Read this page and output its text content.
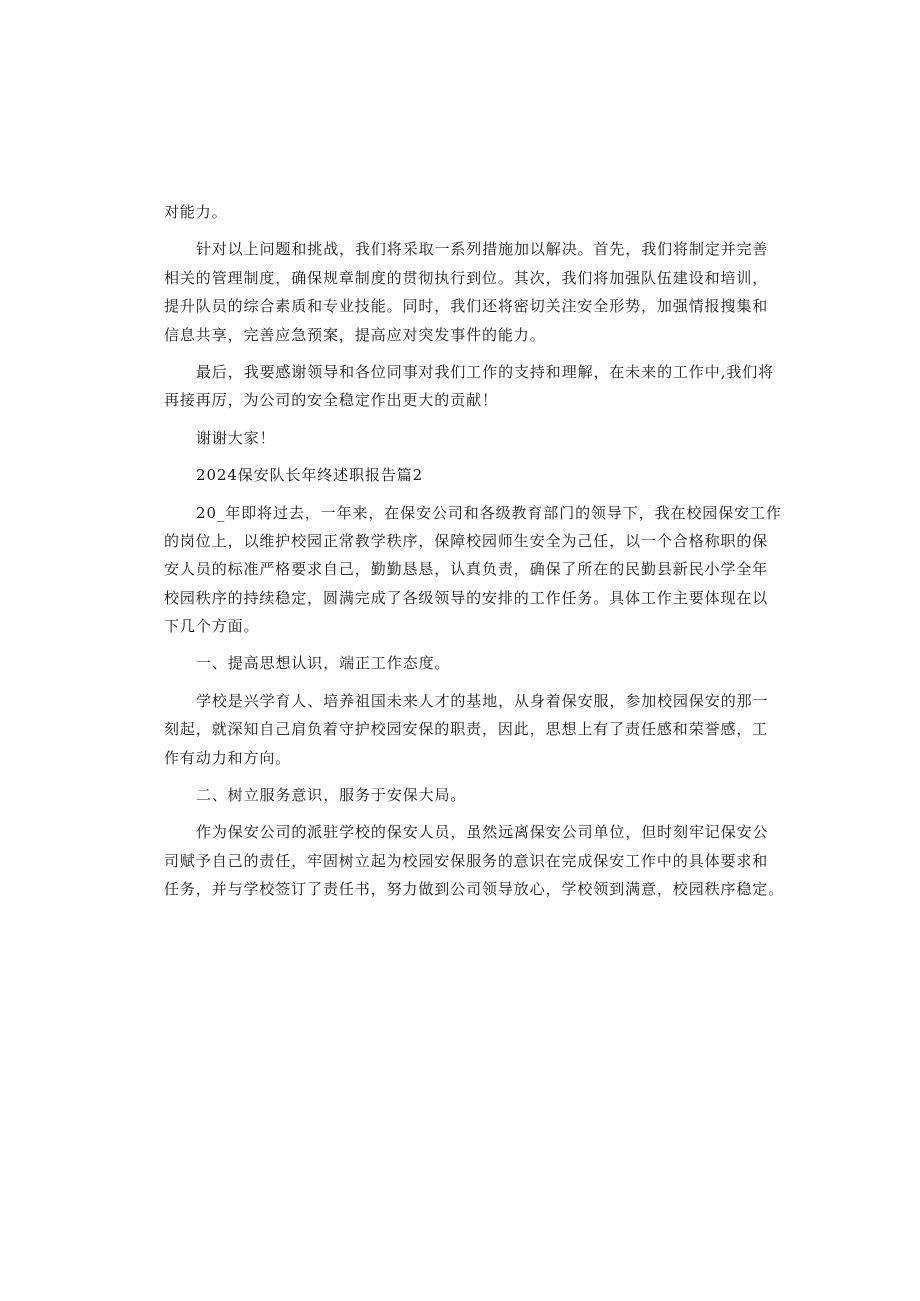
对能力。
针对以上问题和挑战，我们将采取一系列措施加以解决。首先，我们将制定并完善
相关的管理制度，确保规章制度的贯彻执行到位。其次，我们将加强队伍建设和培训，
提升队员的综合素质和专业技能。同时，我们还将密切关注安全形势，加强情报搜集和
信息共享，完善应急预案，提高应对突发事件的能力。
最后，我要感谢领导和各位同事对我们工作的支持和理解，在未来的工作中,我们将
再接再厉，为公司的安全稳定作出更大的贡献！
谢谢大家！
2024保安队长年终述职报告篇2
20_年即将过去，一年来，在保安公司和各级教育部门的领导下，我在校园保安工作
的岗位上，以维护校园正常教学秩序，保障校园师生安全为己任，以一个合格称职的保
安人员的标准严格要求自己，勤勤恳恳，认真负责，确保了所在的民勤县新民小学全年
校园秩序的持续稳定，圆满完成了各级领导的安排的工作任务。具体工作主要体现在以
下几个方面。
一、提高思想认识，端正工作态度。
学校是兴学育人、培养祖国未来人才的基地，从身着保安服，参加校园保安的那一
刻起，就深知自己肩负着守护校园安保的职责，因此，思想上有了责任感和荣誉感，工
作有动力和方向。
二、树立服务意识，服务于安保大局。
作为保安公司的派驻学校的保安人员，虽然远离保安公司单位，但时刻牢记保安公
司赋予自己的责任，牢固树立起为校园安保服务的意识在完成保安工作中的具体要求和
任务，并与学校签订了责任书，努力做到公司领导放心，学校领到满意，校园秩序稳定。
